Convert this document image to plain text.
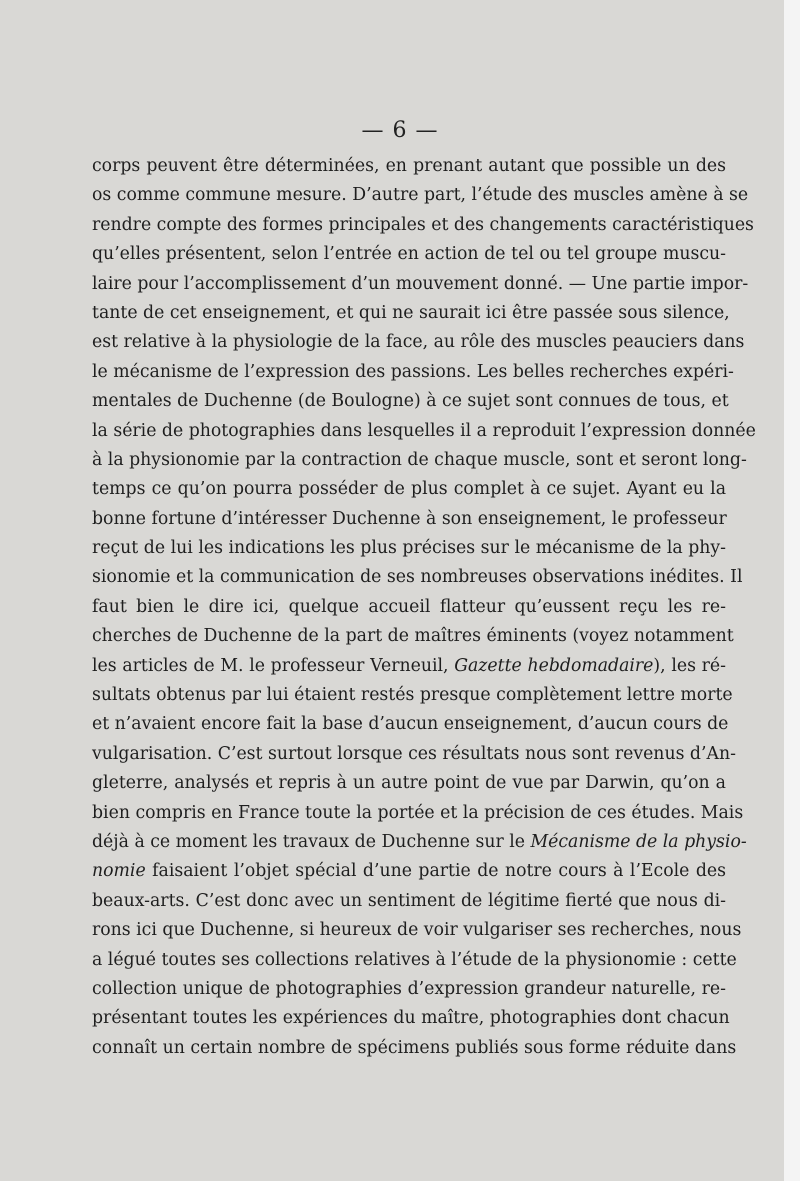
— 6 —
corps peuvent être déterminées, en prenant autant que possible un des
os comme commune mesure. D’autre part, l’étude des muscles amène à se
rendre compte des formes principales et des changements caractéristiques
qu’elles présentent, selon l’entrée en action de tel ou tel groupe muscu-
laire pour l’accomplissement d’un mouvement donné. — Une partie impor-
tante de cet enseignement, et qui ne saurait ici être passée sous silence,
est relative à la physiologie de la face, au rôle des muscles peauciers dans
le mécanisme de l’expression des passions. Les belles recherches expéri-
mentales de Duchenne (de Boulogne) à ce sujet sont connues de tous, et
la série de photographies dans lesquelles il a reproduit l’expression donnée
à la physionomie par la contraction de chaque muscle, sont et seront long-
temps ce qu’on pourra posséder de plus complet à ce sujet. Ayant eu la
bonne fortune d’intéresser Duchenne à son enseignement, le professeur
reçut de lui les indications les plus précises sur le mécanisme de la phy-
sionomie et la communication de ses nombreuses observations inédites. Il
faut bien le dire ici, quelque accueil flatteur qu’eussent reçu les re-
cherches de Duchenne de la part de maîtres éminents (voyez notamment
les articles de M. le professeur Verneuil, Gazette hebdomadaire), les ré-
sultats obtenus par lui étaient restés presque complètement lettre morte
et n’avaient encore fait la base d’aucun enseignement, d’aucun cours de
vulgarisation. C’est surtout lorsque ces résultats nous sont revenus d’An-
gleterre, analysés et repris à un autre point de vue par Darwin, qu’on a
bien compris en France toute la portée et la précision de ces études. Mais
déjà à ce moment les travaux de Duchenne sur le Mécanisme de la physio-
nomie faisaient l’objet spécial d’une partie de notre cours à l’Ecole des
beaux-arts. C’est donc avec un sentiment de légitime fierté que nous di-
rons ici que Duchenne, si heureux de voir vulgariser ses recherches, nous
a légué toutes ses collections relatives à l’étude de la physionomie : cette
collection unique de photographies d’expression grandeur naturelle, re-
présentant toutes les expériences du maître, photographies dont chacun
connaît un certain nombre de spécimens publiés sous forme réduite dans
